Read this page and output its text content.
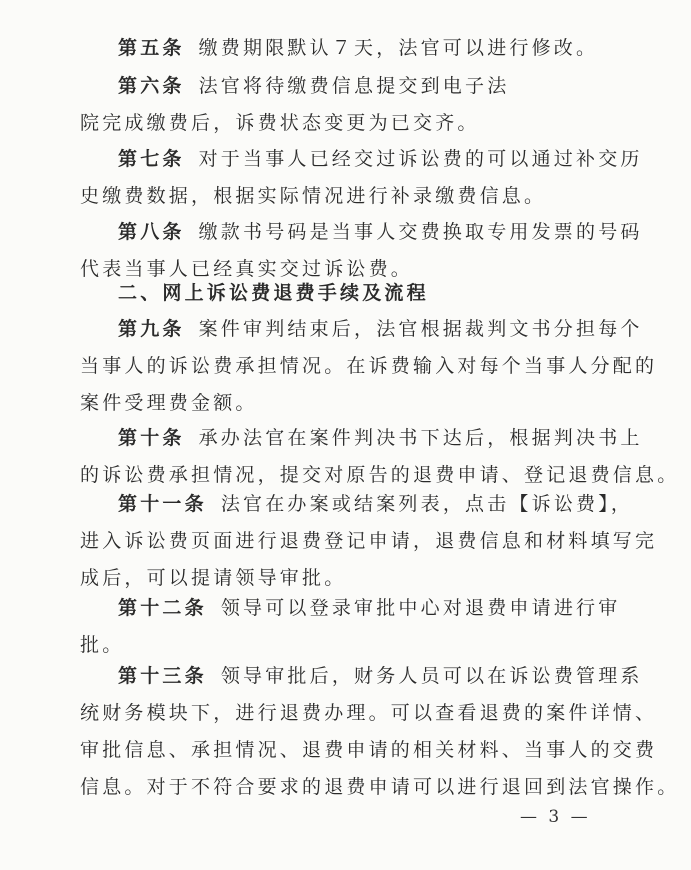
第五条 缴费期限默认７天，法官可以进行修改。
第六条 法官将待缴费信息提交到电子法
院完成缴费后，诉费状态变更为已交齐。
第七条 对于当事人已经交过诉讼费的可以通过补交历
史缴费数据，根据实际情况进行补录缴费信息。
第八条 缴款书号码是当事人交费换取专用发票的号码
代表当事人已经真实交过诉讼费。
二、网上诉讼费退费手续及流程
第九条 案件审判结束后，法官根据裁判文书分担每个
当事人的诉讼费承担情况。在诉费输入对每个当事人分配的
案件受理费金额。
第十条 承办法官在案件判决书下达后，根据判决书上
的诉讼费承担情况，提交对原告的退费申请、登记退费信息。
第十一条 法官在办案或结案列表，点击【诉讼费】，
进入诉讼费页面进行退费登记申请，退费信息和材料填写完
成后，可以提请领导审批。
第十二条 领导可以登录审批中心对退费申请进行审
批。
第十三条 领导审批后，财务人员可以在诉讼费管理系
统财务模块下，进行退费办理。可以查看退费的案件详情、
审批信息、承担情况、退费申请的相关材料、当事人的交费
信息。对于不符合要求的退费申请可以进行退回到法官操作。
— 3 —
